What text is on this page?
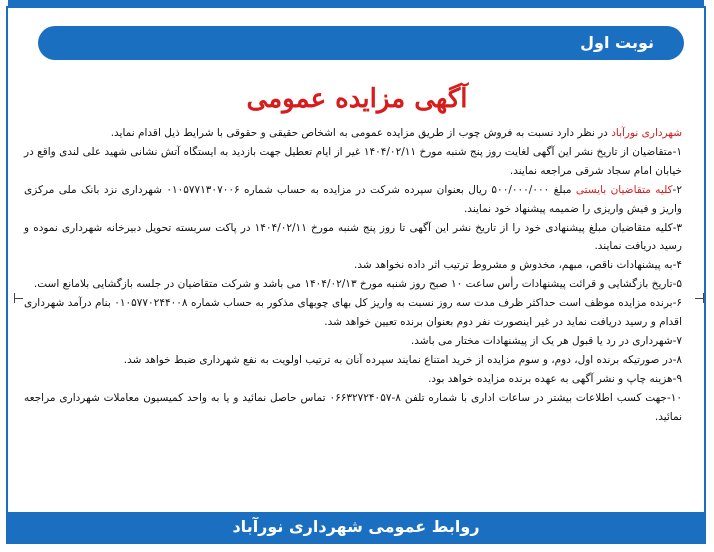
نوبت اول
آگهی مزایده عمومی

شهرداری نورآباد در نظر دارد نسبت به فروش چوب از طریق مزایده عمومی به اشخاص حقیقی و حقوقی با شرایط ذیل اقدام نماید.

۱-متقاضیان از تاریخ نشر این آگهی لغایت روز پنج شنبه مورخ ۱۴۰۴/۰۲/۱۱ غیر از ایام تعطیل جهت بازدید به ایستگاه آتش نشانی شهید علی لندی واقع در خیابان امام سجاد شرقی مراجعه نمایند.

۲-کلیه متقاضیان بایستی مبلغ ۵۰۰/۰۰۰/۰۰۰ ریال بعنوان سپرده شرکت در مزایده به حساب شماره ۰۱۰۵۷۷۱۳۰۷۰۰۶ شهرداری نزد بانک ملی مرکزی واریز و فیش واریزی را ضمیمه پیشنهاد خود نمایند.

۳-کلیه متقاضیان مبلغ پیشنهادی خود را از تاریخ نشر این آگهی تا روز پنج شنبه مورخ ۱۴۰۴/۰۲/۱۱ در پاکت سربسته تحویل دبیرخانه شهرداری نموده و رسید دریافت نمایند.

۴-به پیشنهادات ناقص، مبهم، مخدوش و مشروط ترتیب اثر داده نخواهد شد.

۵-تاریخ بازگشایی و قرائت پیشنهادات رأس ساعت ۱۰ صبح روز شنبه مورخ ۱۴۰۴/۰۲/۱۳ می باشد و شرکت متقاضیان در جلسه بازگشایی بلامانع است.

۶-برنده مزایده موظف است حداکثر ظرف مدت سه روز نسبت به واریز کل بهای چوبهای مذکور به حساب شماره ۰۱۰۵۷۷۰۲۴۴۰۰۸ بنام درآمد شهرداری اقدام و رسید دریافت نماید در غیر اینصورت نفر دوم بعنوان برنده تعیین خواهد شد.

۷-شهرداری در رد یا قبول هر یک از پیشنهادات مختار می باشد.

۸-در صورتیکه برنده اول، دوم، و سوم مزایده از خرید امتناع نمایند سپرده آنان به ترتیب اولویت به نفع شهرداری ضبط خواهد شد.

۹-هزینه چاپ و نشر آگهی به عهده برنده مزایده خواهد بود.

۱۰-جهت کسب اطلاعات بیشتر در ساعات اداری با شماره تلفن ۸-۰۶۶۳۲۷۲۴۰۵۷ تماس حاصل نمائید و یا به واحد کمیسیون معاملات شهرداری مراجعه نمائید.

روابط عمومی شهرداری نورآباد
